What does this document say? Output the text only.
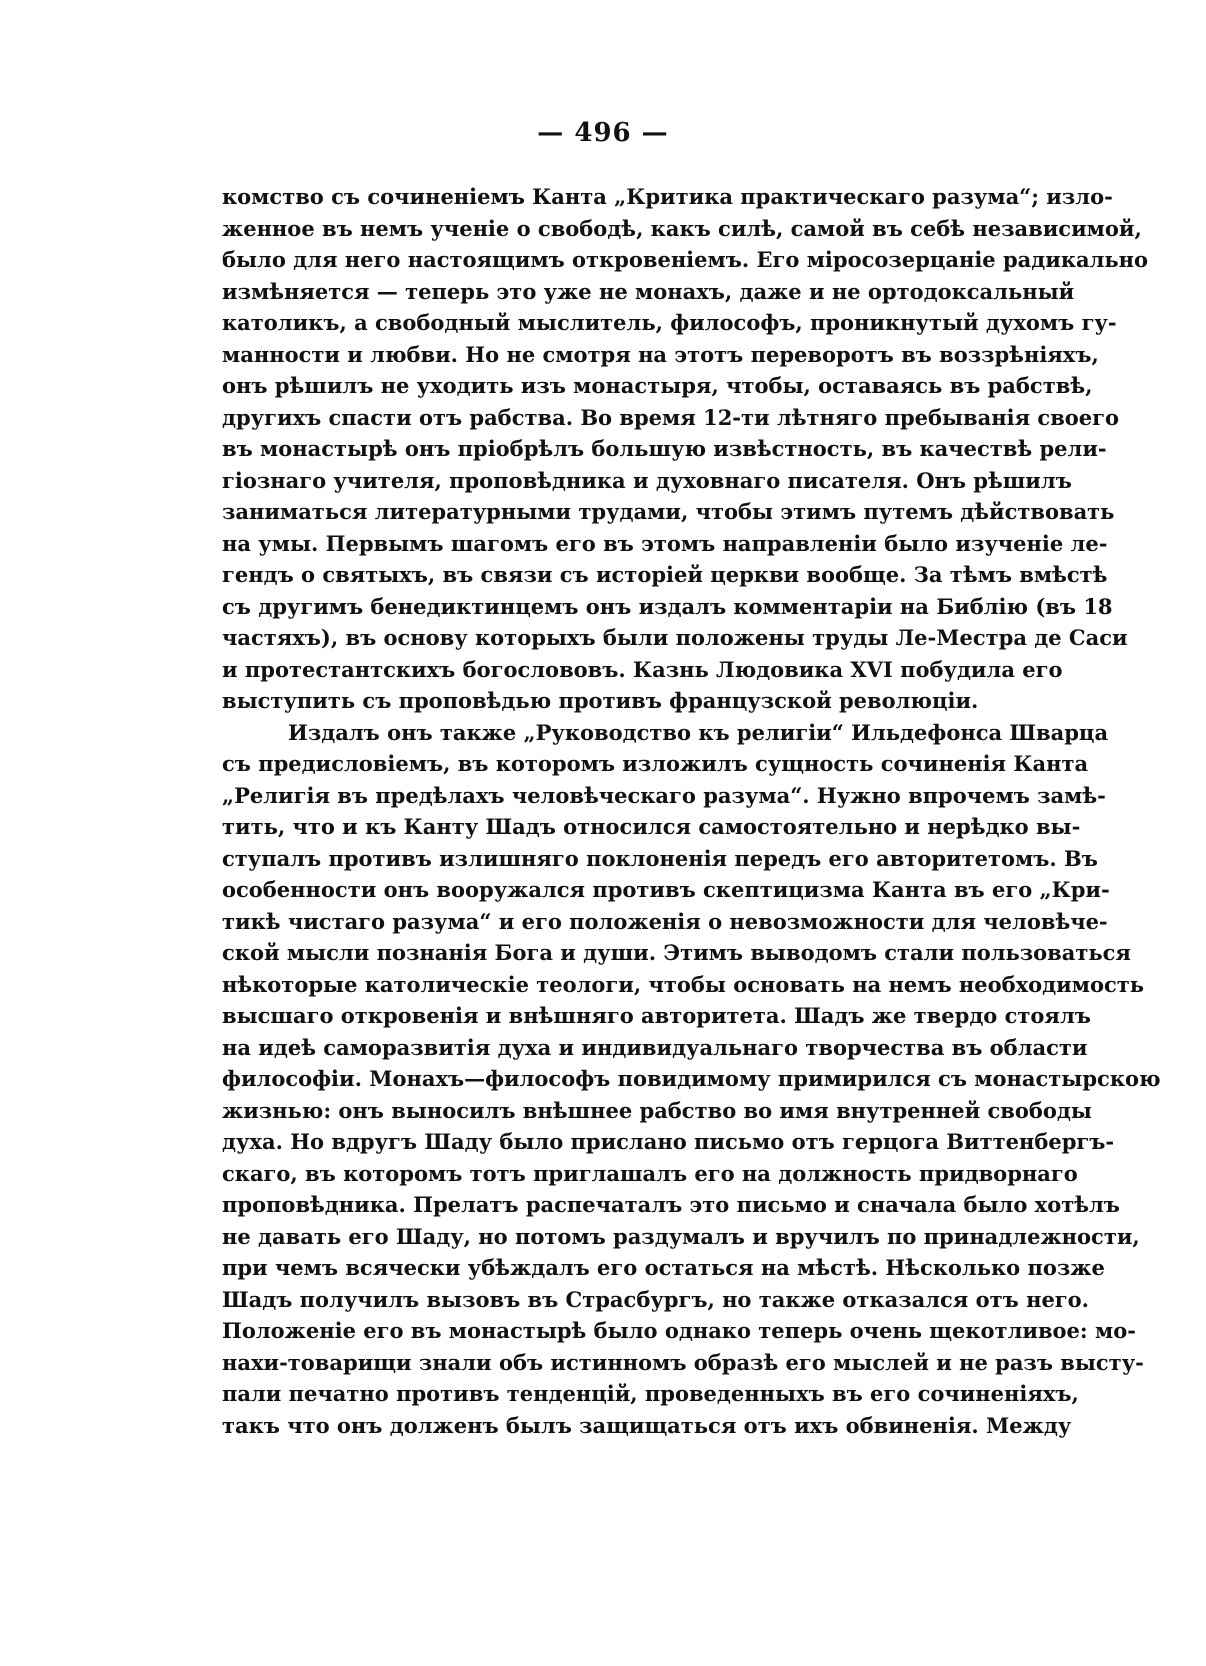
— 496 —
комство съ сочиненіемъ Канта „Критика практическаго разума“; изло-
женное въ немъ ученіе о свободѣ, какъ силѣ, самой въ себѣ независимой,
было для него настоящимъ откровеніемъ. Его міросозерцаніе радикально
измѣняется — теперь это уже не монахъ, даже и не ортодоксальный
католикъ, а свободный мыслитель, философъ, проникнутый духомъ гу-
манности и любви. Но не смотря на этотъ переворотъ въ воззрѣніяхъ,
онъ рѣшилъ не уходить изъ монастыря, чтобы, оставаясь въ рабствѣ,
другихъ спасти отъ рабства. Во время 12-ти лѣтняго пребыванія своего
въ монастырѣ онъ пріобрѣлъ большую извѣстность, въ качествѣ рели-
гіознаго учителя, проповѣдника и духовнаго писателя. Онъ рѣшилъ
заниматься литературными трудами, чтобы этимъ путемъ дѣйствовать
на умы. Первымъ шагомъ его въ этомъ направленіи было изученіе ле-
гендъ о святыхъ, въ связи съ исторіей церкви вообще. За тѣмъ вмѣстѣ
съ другимъ бенедиктинцемъ онъ издалъ комментаріи на Библію (въ 18
частяхъ), въ основу которыхъ были положены труды Ле-Местра де Саси
и протестантскихъ богослововъ. Казнь Людовика XVI побудила его
выступить съ проповѣдью противъ французской революціи.
Издалъ онъ также „Руководство къ религіи“ Ильдефонса Шварца
съ предисловіемъ, въ которомъ изложилъ сущность сочиненія Канта
„Религія въ предѣлахъ человѣческаго разума“. Нужно впрочемъ замѣ-
тить, что и къ Канту Шадъ относился самостоятельно и нерѣдко вы-
ступалъ противъ излишняго поклоненія передъ его авторитетомъ. Въ
особенности онъ вооружался противъ скептицизма Канта въ его „Кри-
тикѣ чистаго разума“ и его положенія о невозможности для человѣче-
ской мысли познанія Бога и души. Этимъ выводомъ стали пользоваться
нѣкоторые католическіе теологи, чтобы основать на немъ необходимость
высшаго откровенія и внѣшняго авторитета. Шадъ же твердо стоялъ
на идеѣ саморазвитія духа и индивидуальнаго творчества въ области
философіи. Монахъ—философъ повидимому примирился съ монастырскою
жизнью: онъ выносилъ внѣшнее рабство во имя внутренней свободы
духа. Но вдругъ Шаду было прислано письмо отъ герцога Виттенбергъ-
скаго, въ которомъ тотъ приглашалъ его на должность придворнаго
проповѣдника. Прелатъ распечаталъ это письмо и сначала было хотѣлъ
не давать его Шаду, но потомъ раздумалъ и вручилъ по принадлежности,
при чемъ всячески убѣждалъ его остаться на мѣстѣ. Нѣсколько позже
Шадъ получилъ вызовъ въ Страсбургъ, но также отказался отъ него.
Положеніе его въ монастырѣ было однако теперь очень щекотливое: мо-
нахи-товарищи знали объ истинномъ образѣ его мыслей и не разъ высту-
пали печатно противъ тенденцій, проведенныхъ въ его сочиненіяхъ,
такъ что онъ долженъ былъ защищаться отъ ихъ обвиненія. Между
